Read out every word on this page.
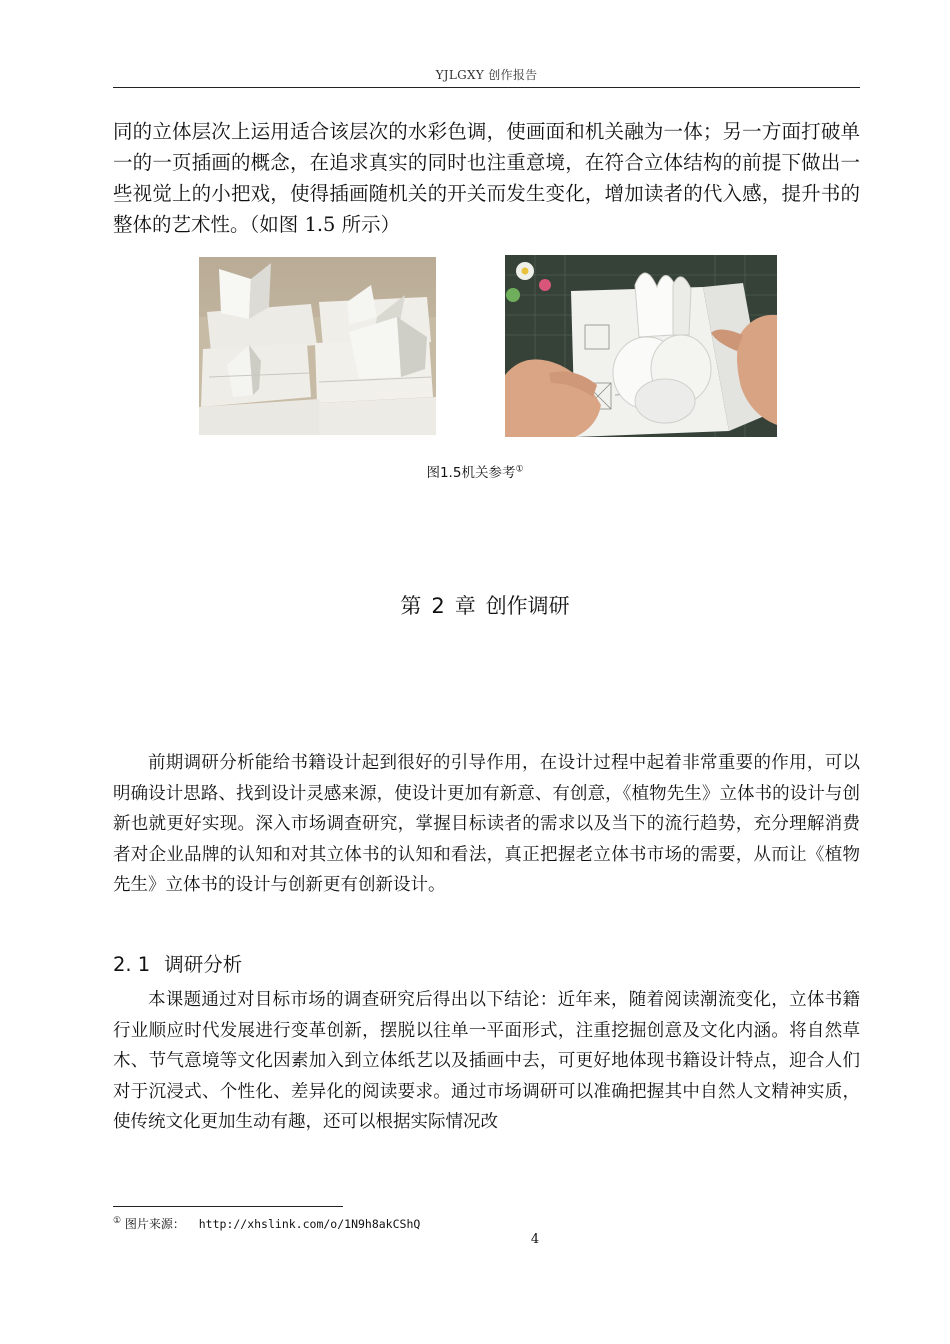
YJLGXY 创作报告

同的立体层次上运用适合该层次的水彩色调，使画面和机关融为一体；另一方面打破单一的一页插画的概念，在追求真实的同时也注重意境，在符合立体结构的前提下做出一些视觉上的小把戏，使得插画随机关的开关而发生变化，增加读者的代入感，提升书的整体的艺术性。（如图 1.5 所示）

图1.5机关参考①
第 2 章 创作调研

前期调研分析能给书籍设计起到很好的引导作用，在设计过程中起着非常重要的作用，可以明确设计思路、找到设计灵感来源，使设计更加有新意、有创意，《植物先生》立体书的设计与创新也就更好实现。深入市场调查研究，掌握目标读者的需求以及当下的流行趋势，充分理解消费者对企业品牌的认知和对其立体书的认知和看法，真正把握老立体书市场的需要，从而让《植物先生》立体书的设计与创新更有创新设计。

2. 1 调研分析

本课题通过对目标市场的调查研究后得出以下结论：近年来，随着阅读潮流变化，立体书籍行业顺应时代发展进行变革创新，摆脱以往单一平面形式，注重挖掘创意及文化内涵。将自然草木、节气意境等文化因素加入到立体纸艺以及插画中去，可更好地体现书籍设计特点，迎合人们对于沉浸式、个性化、差异化的阅读要求。通过市场调研可以准确把握其中自然人文精神实质，使传统文化更加生动有趣，还可以根据实际情况改

① 图片来源： http://xhslink.com/o/1N9h8akCShQ
4
